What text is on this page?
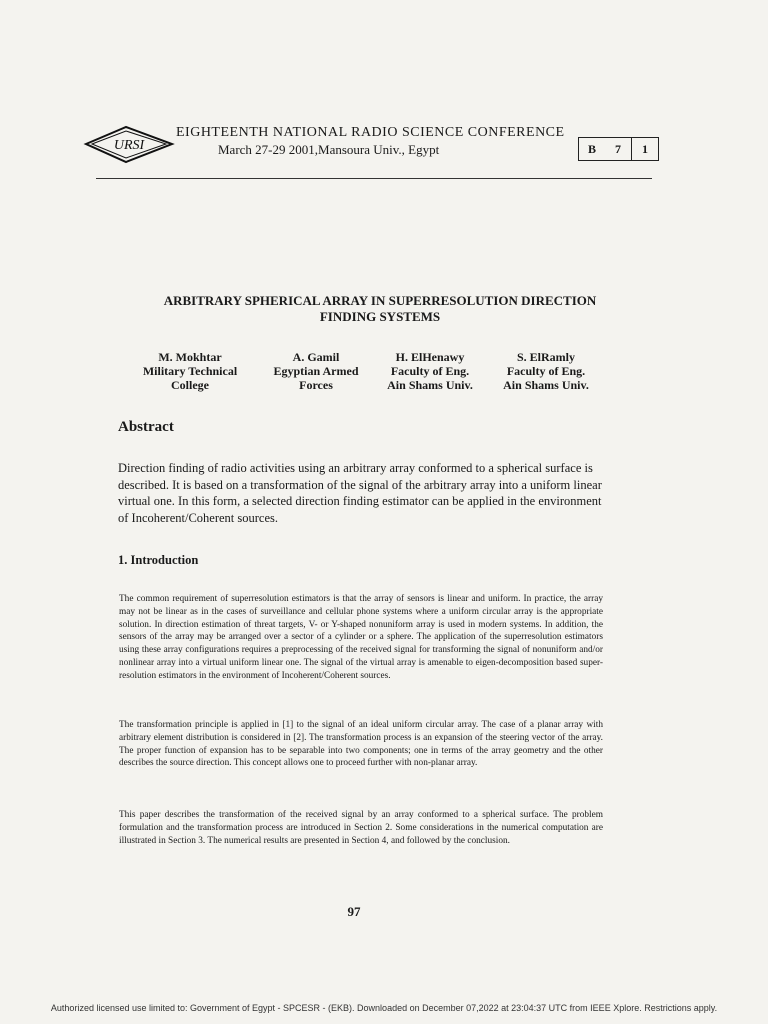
URSI
EIGHTEENTH NATIONAL RADIO SCIENCE CONFERENCE
March 27-29 2001,Mansoura Univ., Egypt	B	7	1
ARBITRARY SPHERICAL ARRAY IN SUPERRESOLUTION DIRECTION
FINDING SYSTEMS
M. Mokhtar
Military Technical
College
A. Gamil
Egyptian Armed
Forces
H. ElHenawy
Faculty of Eng.
Ain Shams Univ.
S. ElRamly
Faculty of Eng.
Ain Shams Univ.
Abstract
Direction finding of radio activities using an arbitrary array conformed to a spherical surface is described. It is based on a transformation of the signal of the arbitrary array into a uniform linear virtual one. In this form, a selected direction finding estimator can be applied in the environment of Incoherent/Coherent sources.
1. Introduction
The common requirement of superresolution estimators is that the array of sensors is linear and uniform. In practice, the array may not be linear as in the cases of surveillance and cellular phone systems where a uniform circular array is the appropriate solution. In direction estimation of threat targets, V- or Y-shaped nonuniform array is used in modern systems. In addition, the sensors of the array may be arranged over a sector of a cylinder or a sphere. The application of the superresolution estimators using these array configurations requires a preprocessing of the received signal for transforming the signal of nonuniform and/or nonlinear array into a virtual uniform linear one. The signal of the virtual array is amenable to eigen-decomposition based super-resolution estimators in the environment of Incoherent/Coherent sources.
The transformation principle is applied in [1] to the signal of an ideal uniform circular array. The case of a planar array with arbitrary element distribution is considered in [2]. The transformation process is an expansion of the steering vector of the array. The proper function of expansion has to be separable into two components; one in terms of the array geometry and the other describes the source direction. This concept allows one to proceed further with non-planar array.
This paper describes the transformation of the received signal by an array conformed to a spherical surface. The problem formulation and the transformation process are introduced in Section 2. Some considerations in the numerical computation are illustrated in Section 3. The numerical results are presented in Section 4, and followed by the conclusion.
97
Authorized licensed use limited to: Government of Egypt - SPCESR - (EKB). Downloaded on December 07,2022 at 23:04:37 UTC from IEEE Xplore. Restrictions apply.
